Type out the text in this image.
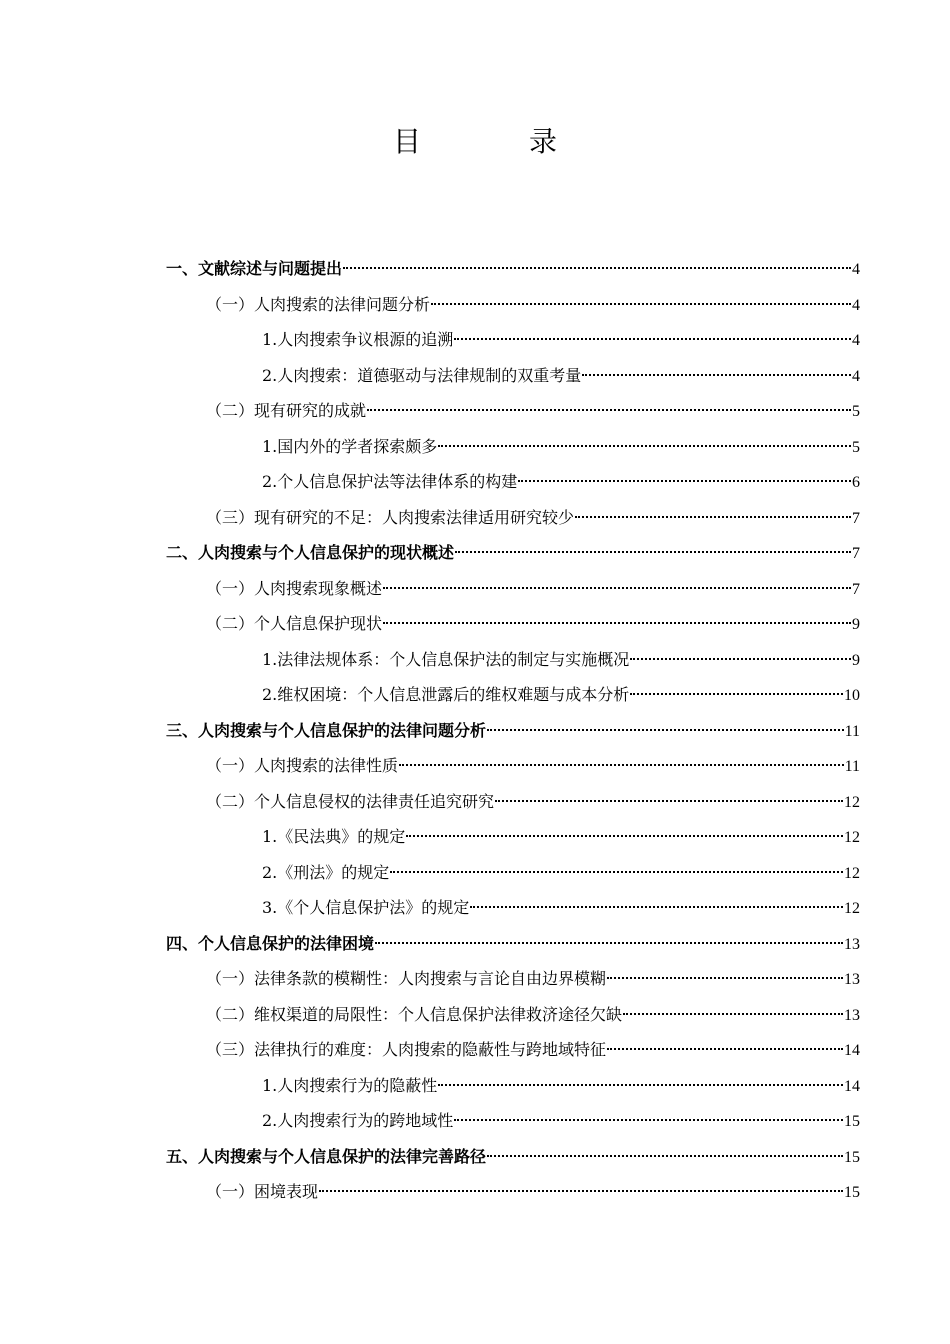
目　录
一、文献综述与问题提出	4
（一）人肉搜索的法律问题分析	4
1.人肉搜索争议根源的追溯	4
2.人肉搜索：道德驱动与法律规制的双重考量	4
（二）现有研究的成就	5
1.国内外的学者探索颇多	5
2.个人信息保护法等法律体系的构建	6
（三）现有研究的不足：人肉搜索法律适用研究较少	7
二、人肉搜索与个人信息保护的现状概述	7
（一）人肉搜索现象概述	7
（二）个人信息保护现状	9
1.法律法规体系：个人信息保护法的制定与实施概况	9
2.维权困境：个人信息泄露后的维权难题与成本分析	10
三、人肉搜索与个人信息保护的法律问题分析	11
（一）人肉搜索的法律性质	11
（二）个人信息侵权的法律责任追究研究	12
1.《民法典》的规定	12
2.《刑法》的规定	12
3.《个人信息保护法》的规定	12
四、个人信息保护的法律困境	13
（一）法律条款的模糊性：人肉搜索与言论自由边界模糊	13
（二）维权渠道的局限性：个人信息保护法律救济途径欠缺	13
（三）法律执行的难度：人肉搜索的隐蔽性与跨地域特征	14
1.人肉搜索行为的隐蔽性	14
2.人肉搜索行为的跨地域性	15
五、人肉搜索与个人信息保护的法律完善路径	15
（一）困境表现	15
